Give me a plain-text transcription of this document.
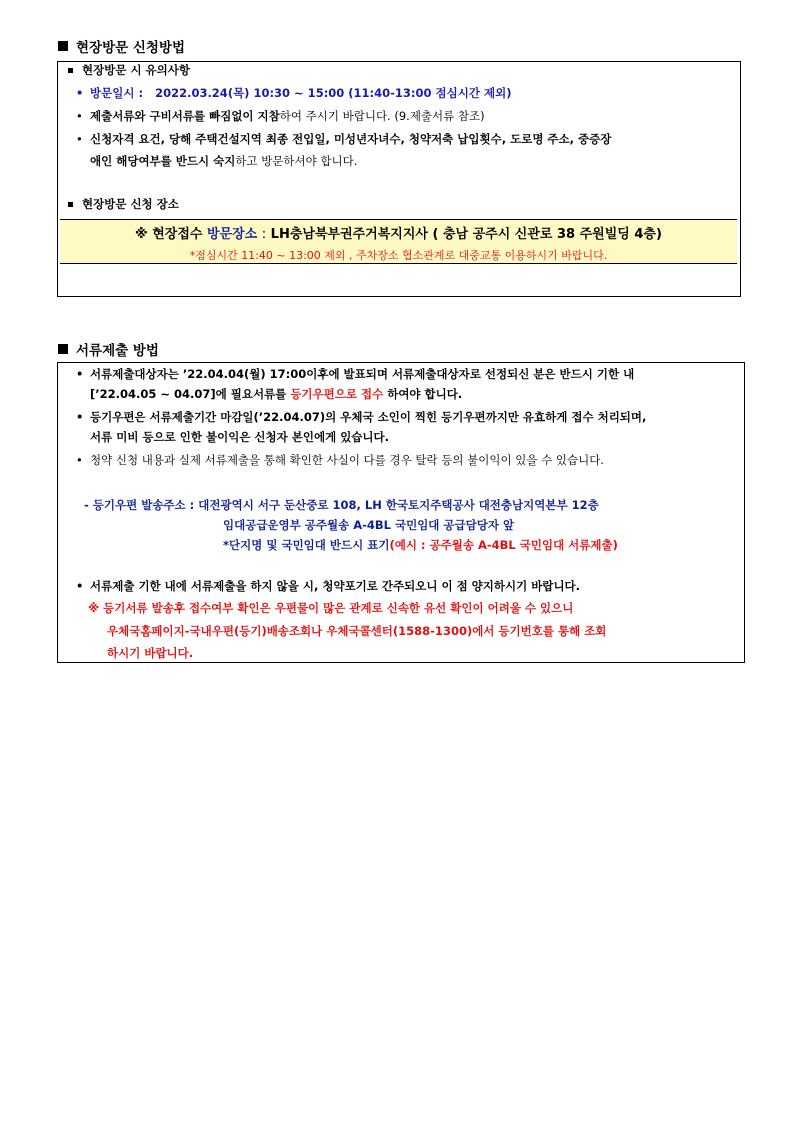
현장방문 신청방법
현장방문 시 유의사항
• 방문일시 : 2022.03.24(목) 10:30 ~ 15:00 (11:40-13:00 점심시간 제외)
• 제출서류와 구비서류를 빠짐없이 지참하여 주시기 바랍니다. (9.제출서류 참조)
• 신청자격 요건, 당해 주택건설지역 최종 전입일, 미성년자녀수, 청약저축 납입횟수, 도로명 주소, 중증장
애인 해당여부를 반드시 숙지하고 방문하셔야 합니다.
현장방문 신청 장소
※ 현장접수 방문장소 : LH충남북부권주거복지지사 ( 충남 공주시 신관로 38 주원빌딩 4층)
*점심시간 11:40 ~ 13:00 제외 , 주차장소 협소관계로 대중교통 이용하시기 바랍니다.
서류제출 방법
• 서류제출대상자는 ’22.04.04(월) 17:00이후에 발표되며 서류제출대상자로 선정되신 분은 반드시 기한 내
[’22.04.05 ~ 04.07]에 필요서류를 등기우편으로 접수 하여야 합니다.
• 등기우편은 서류제출기간 마감일(’22.04.07)의 우체국 소인이 찍힌 등기우편까지만 유효하게 접수 처리되며,
서류 미비 등으로 인한 불이익은 신청자 본인에게 있습니다.
• 청약 신청 내용과 실제 서류제출을 통해 확인한 사실이 다를 경우 탈락 등의 불이익이 있을 수 있습니다.
- 등기우편 발송주소 : 대전광역시 서구 둔산중로 108, LH 한국토지주택공사 대전충남지역본부 12층
임대공급운영부 공주월송 A-4BL 국민임대 공급담당자 앞
*단지명 및 국민임대 반드시 표기(예시 : 공주월송 A-4BL 국민임대 서류제출)
• 서류제출 기한 내에 서류제출을 하지 않을 시, 청약포기로 간주되오니 이 점 양지하시기 바랍니다.
※ 등기서류 발송후 접수여부 확인은 우편물이 많은 관계로 신속한 유선 확인이 어려울 수 있으니
우체국홈페이지-국내우편(등기)배송조회나 우체국콜센터(1588-1300)에서 등기번호를 통해 조회
하시기 바랍니다.
